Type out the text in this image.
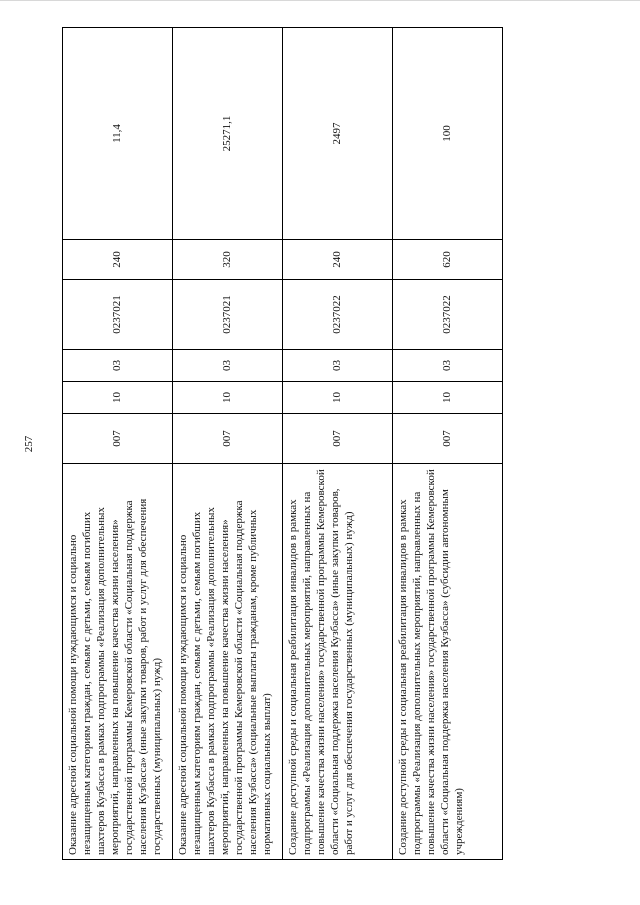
257
Оказание адресной социальной помощи нуждающимся и социально незащищенным категориям граждан, семьям с детьми, семьям погибших шахтеров Кузбасса в рамках подпрограммы «Реализация дополнительных мероприятий, направленных на повышение качества жизни населения» государственной программы Кемеровской области «Социальная поддержка населения Кузбасса» (иные закупки товаров, работ и услуг для обеспечения государственных (муниципальных) нужд)	007	10	03	0237021	240	11,4
Оказание адресной социальной помощи нуждающимся и социально незащищенным категориям граждан, семьям с детьми, семьям погибших шахтеров Кузбасса в рамках подпрограммы «Реализация дополнительных мероприятий, направленных на повышение качества жизни населения» государственной программы Кемеровской области «Социальная поддержка населения Кузбасса» (социальные выплаты гражданам, кроме публичных нормативных социальных выплат)	007	10	03	0237021	320	25271,1
Создание доступной среды и социальная реабилитация инвалидов в рамках подпрограммы «Реализация дополнительных мероприятий, направленных на повышение качества жизни населения» государственной программы Кемеровской области «Социальная поддержка населения Кузбасса» (иные закупки товаров, работ и услуг для обеспечения государственных (муниципальных) нужд)	007	10	03	0237022	240	2497
Создание доступной среды и социальная реабилитация инвалидов в рамках подпрограммы «Реализация дополнительных мероприятий, направленных на повышение качества жизни населения» государственной программы Кемеровской области «Социальная поддержка населения Кузбасса» (субсидии автономным учреждениям)	007	10	03	0237022	620	100
